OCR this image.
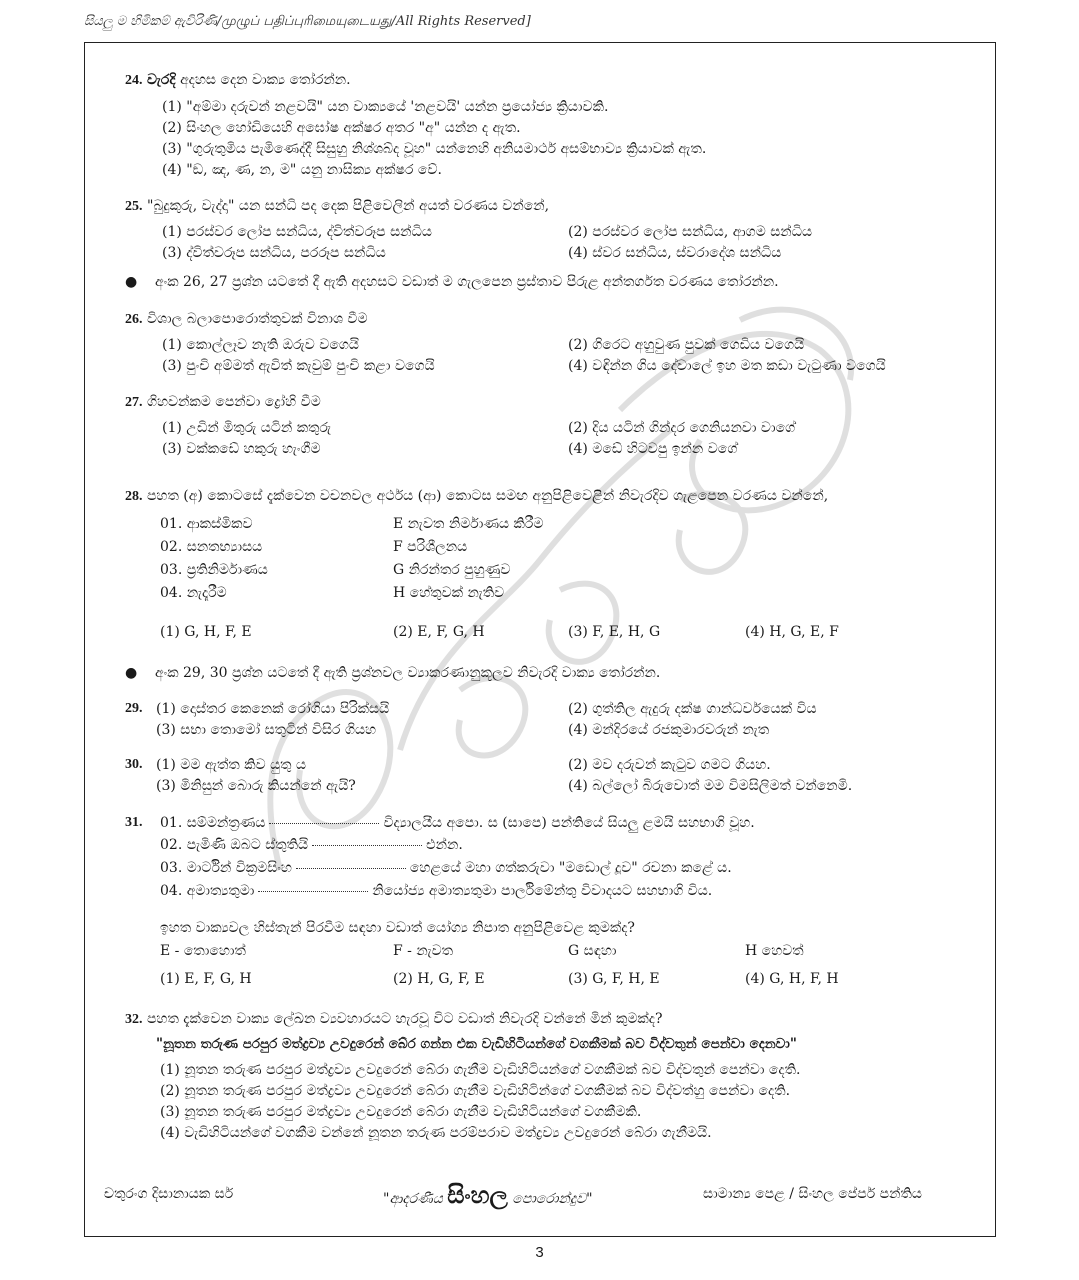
සියලු ම හිමිකම් ඇවිරිණි/முழுப் பதிப்புரிமையுடையது/All Rights Reserved]
24. වැරදි අදහස දෙන වාක්‍ය තෝරන්න.
(1) "අම්මා දරුවන් නළවයි" යන වාක්‍යයේ 'නළවයි' යන්න ප්‍රයෝජ්‍ය ක්‍රියාවකි.
(2) සිංහල හෝඩියෙහි අඝෝෂ අක්ෂර අතර "අ" යන්න ද ඇත.
(3) "ගුරුතුමිය පැමිණෙද්දී සිසුහු නිශ්ශබ්ද වූහ" යන්නෙහි අනියමාර්ථ අසම්භාව්‍ය ක්‍රියාවක් ඇත.
(4) "ඞ, ඤ, ණ, න, ම" යනු නාසික්‍ය අක්ෂර වේ.
25. "බුදුකුරු, වැද්දා" යන සන්ධි පද දෙක පිළිවෙලින් අයත් වරණය වන්නේ,
(1) පරස්වර ලෝප සන්ධිය, ද්විත්වරූප සන්ධිය	(2) පරස්වර ලෝප සන්ධිය, ආගම සන්ධිය
(3) ද්විත්වරූප සන්ධිය, පරරූප සන්ධිය	(4) ස්වර සන්ධිය, ස්වරාදේශ සන්ධිය
●    අංක 26, 27 ප්‍රශ්න යටතේ දී ඇති අදහසට වඩාත් ම ගැලපෙන ප්‍රස්තාව පිරුළ අන්තර්ගත වරණය තෝරන්න.
26. විශාල බලාපොරොත්තුවක් විනාශ වීම
(1) කොල්ලෑව නැති ඔරුව වගෙයි	(2) ගිරෙට අහුවුණ පුවක් ගෙඩිය වගෙයි
(3) පුංචි අම්මත් ඇවිත් කැවුම් පුංචි කළා වගෙයි	(4) වඳින්න ගිය දේවාලේ ඉහ මත කඩා වැටුණා වගෙයි
27. ගිහවන්කම පෙන්වා ද්‍රෝහි වීම
(1) උඩින් මිතුරු යටින් කතුරු	(2) දිය යටින් ගින්දර ගෙනියනවා වාගේ
(3) වක්කඩේ හකුරු හැංගීම	(4) මඩේ හිටවපු ඉන්න වගේ
28. පහත (අ) කොටසේ දැක්වෙන වචනවල අර්ථය (ආ) කොටස සමඟ අනුපිළිවෙළින් නිවැරදිව ගැළපෙන වරණය වන්නේ,
01. ආකස්මිකව	E නැවත නිර්මාණය කිරීම
02. සනතභ්‍යාසය	F පරිශීලනය
03. ප්‍රතිනිර්මාණය	G නිරන්තර පුහුණුව
04. නැදෑරීම	H හේතුවක් නැතිව
(1) G, H, F, E	(2) E, F, G, H	(3) F, E, H, G	(4) H, G, E, F
●    අංක 29, 30 ප්‍රශ්න යටතේ දී ඇති ප්‍රශ්නවල ව්‍යාකරණානුකූලව නිවැරදි වාක්‍ය තෝරන්න.
29. (1) දොස්තර කෙනෙක් රෝගියා පිරික්සයි	(2) ගුත්තිල ඇදුරු දක්ෂ ගාන්ධර්වයෙක් විය
(3) සභා තොමෝ සතුටින් විසිර ගියහ	(4) මන්දිරයේ රජකුමාරවරුන් නැත
30. (1) මම ඇත්ත කිව යුතු ය	(2) මව දරුවන් කැටුව ගමට ගියහ.
(3) මිනිසුන් බොරු කියන්නේ ඇයි?	(4) බල්ලෝ බිරුවොත් මම විමසිලිමත් වන්නෙමි.
31. 01. සම්මන්ත්‍රණය	විද්‍යාලයීය අපො. ස (සාපෙ) පන්තියේ සියලු ළමයි සහභාගි වූහ.
02. පැමිණි ඔබට ස්තුතියි	එන්න.
03. මාර්ටින් වික්‍රමසිංහ	හෙළයේ මහා ගත්කරුවා "මඩොල් දූව" රචනා කළේ ය.
04. අමාත්‍යතුමා	නියෝජ්‍ය අමාත්‍යතුමා පාර්ලිමේන්තු විවාදයට සහභාගි විය.
ඉහත වාක්‍යවල හිස්තැන් පිරවීම සඳහා වඩාත් යෝග්‍ය නිපාත අනුපිළිවෙළ කුමක්ද?
E - තොහොත්	F - නැවත	G සඳහා	H හෙවත්
(1) E, F, G, H	(2) H, G, F, E	(3) G, F, H, E	(4) G, H, F, H
32. පහත දැක්වෙන වාක්‍ය ලේඛන ව්‍යවහාරයට හැරවූ විට වඩාත් නිවැරදි වන්නේ මින් කුමක්ද?
"නූතන තරුණ පරපුර මත්ද්‍රව්‍ය උවදුරෙන් බේර ගන්න එක වැඩිහිටියන්ගේ වගකීමක් බව විද්වතුන් පෙන්වා දෙනවා"
(1) නූතන තරුණ පරපුර මත්ද්‍රව්‍ය උවදුරෙන් බේරා ගැනීම වැඩිහිටියන්ගේ වගකීමක් බව විද්වතුන් පෙන්වා දෙති.
(2) නූතන තරුණ පරපුර මත්ද්‍රව්‍ය උවදුරෙන් බේරා ගැනීම වැඩිහිටින්ගේ වගකීමක් බව විද්වත්හු පෙන්වා දෙති.
(3) නූතන තරුණ පරපුර මත්ද්‍රව්‍ය උවදුරෙන් බේරා ගැනීම වැඩිහිටියන්ගේ වගකීමකි.
(4) වැඩිහිටියන්ගේ වගකීම වන්නේ නූතන තරුණ පරම්පරාව මත්ද්‍රව්‍ය උවදුරෙන් බේරා ගැනීමයි.
චතුරංග දිසානායක සර්	"ආදරණීය සිංහල පොරොන්දුව"	සාමාන්‍ය පෙළ / සිංහල පේපර් පන්තිය
3
